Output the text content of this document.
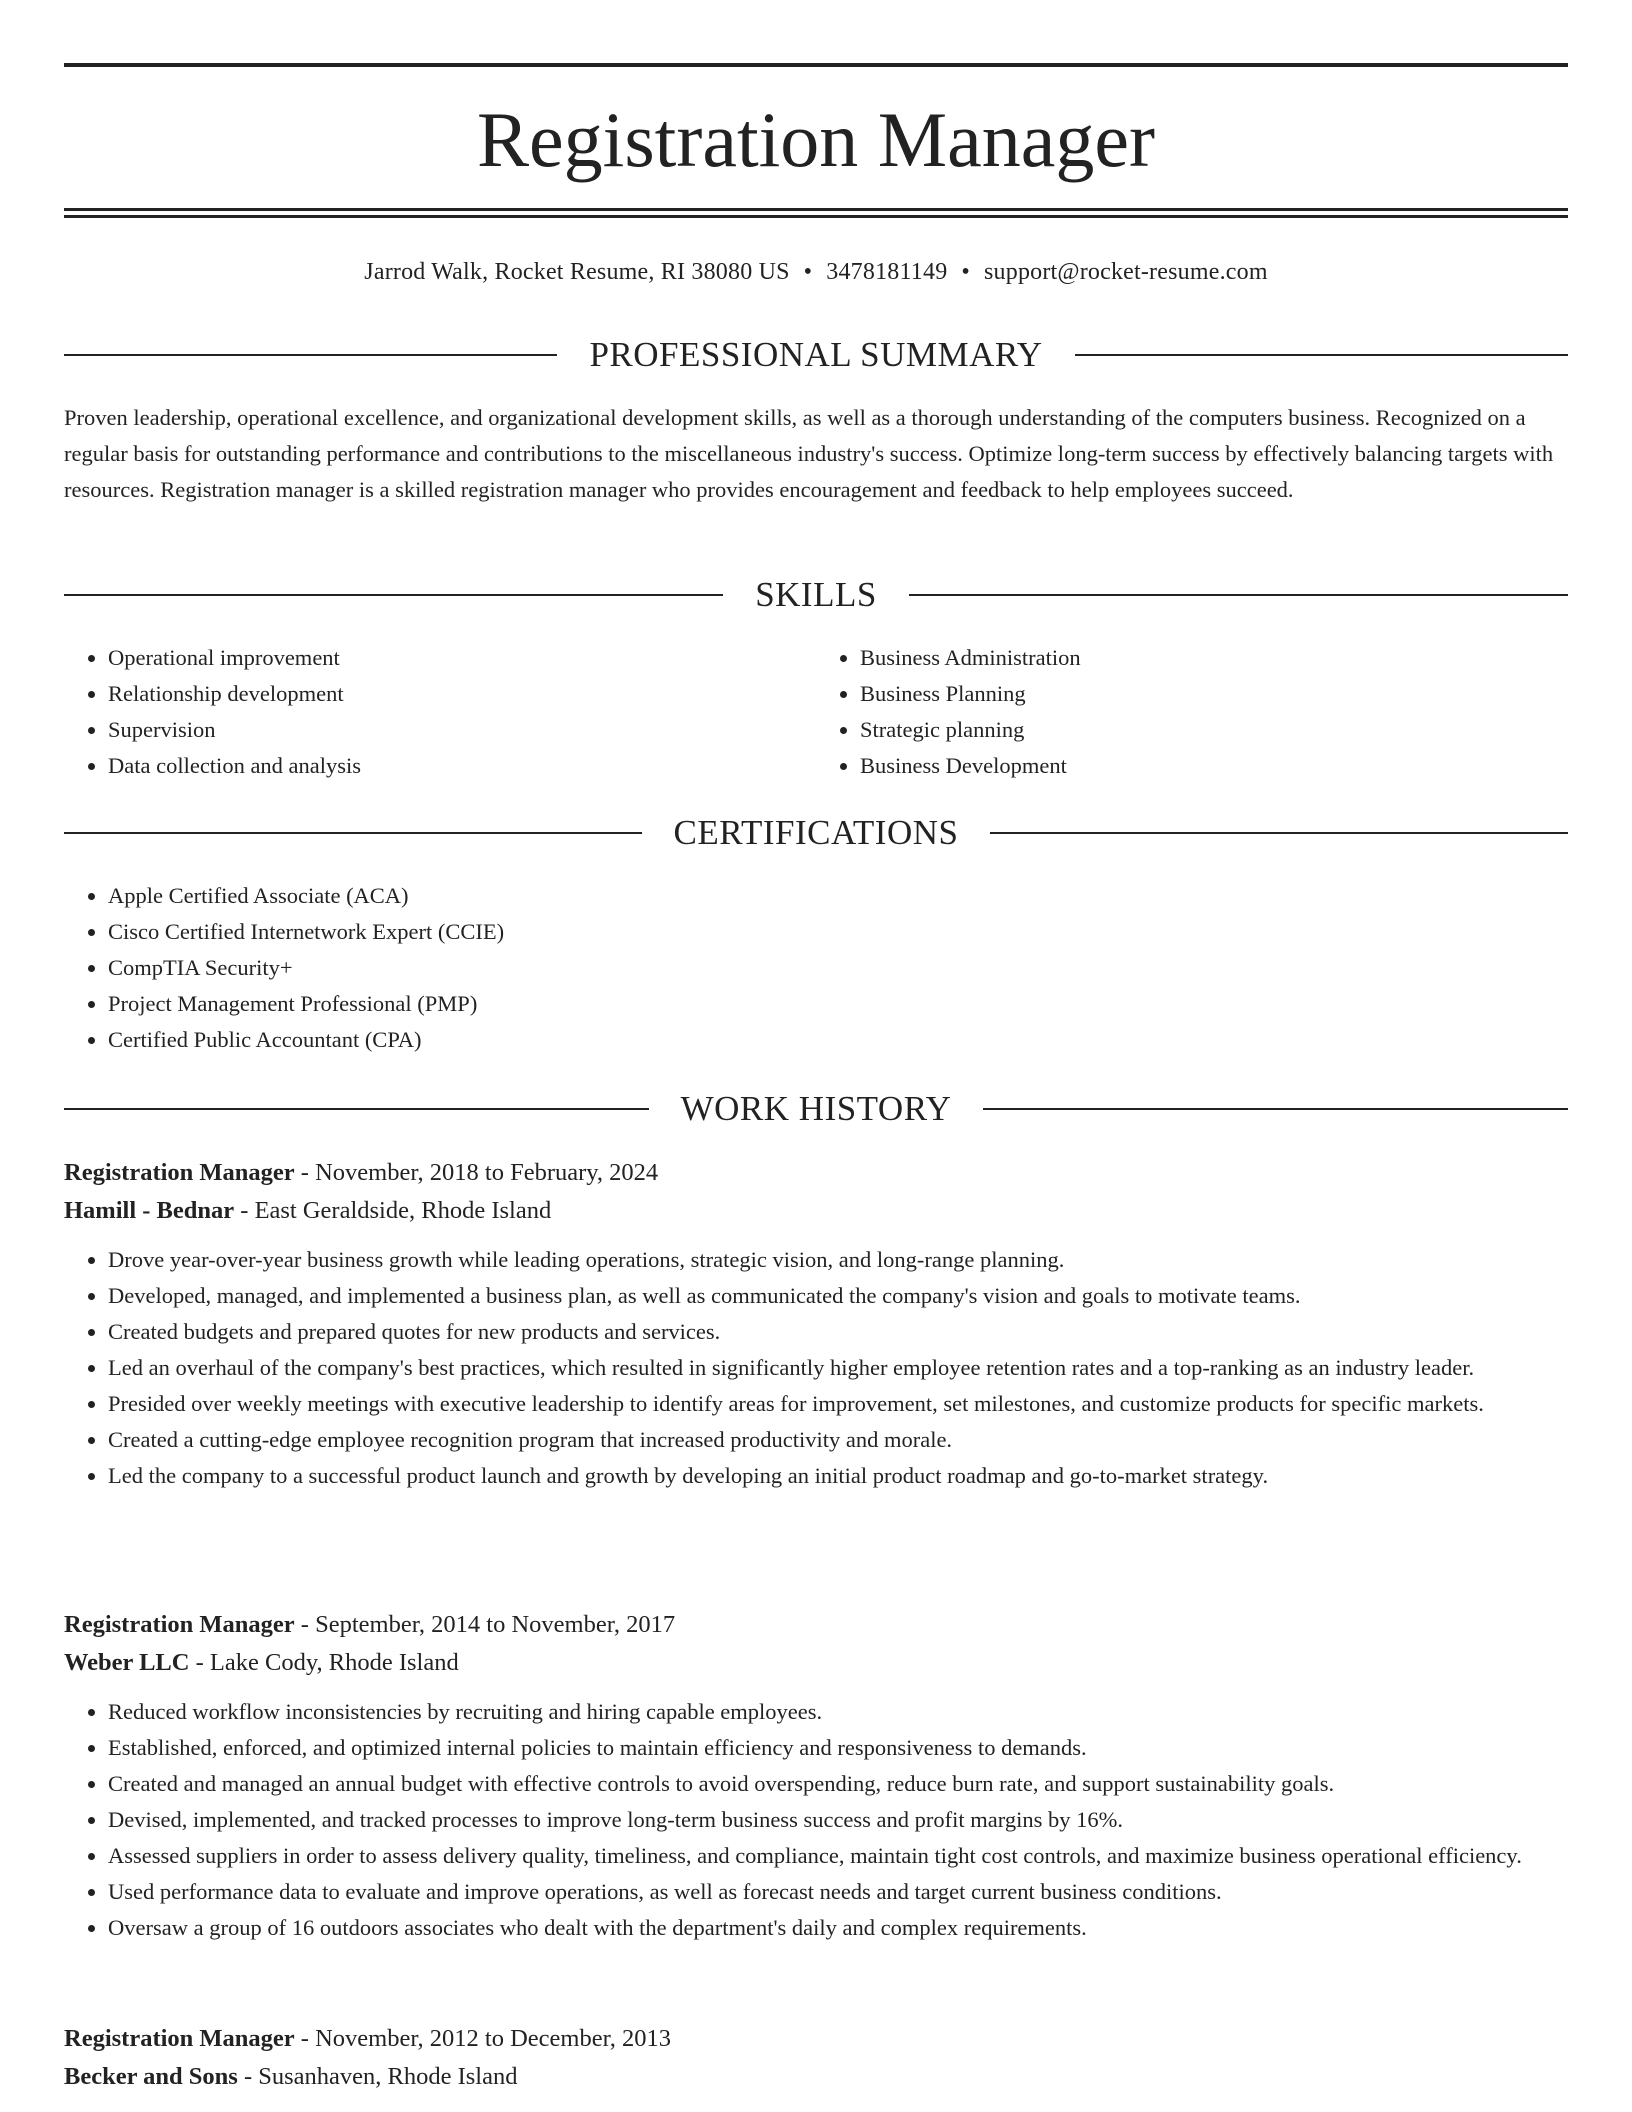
Registration Manager
Jarrod Walk, Rocket Resume, RI 38080 US • 3478181149 • support@rocket-resume.com
PROFESSIONAL SUMMARY

Proven leadership, operational excellence, and organizational development skills, as well as a thorough understanding of the computers business. Recognized on a regular basis for outstanding performance and contributions to the miscellaneous industry's success. Optimize long-term success by effectively balancing targets with resources. Registration manager is a skilled registration manager who provides encouragement and feedback to help employees succeed.

SKILLS
• Operational improvement
• Relationship development
• Supervision
• Data collection and analysis
• Business Administration
• Business Planning
• Strategic planning
• Business Development
CERTIFICATIONS
• Apple Certified Associate (ACA)
• Cisco Certified Internetwork Expert (CCIE)
• CompTIA Security+
• Project Management Professional (PMP)
• Certified Public Accountant (CPA)
WORK HISTORY
Registration Manager - November, 2018 to February, 2024
Hamill - Bednar - East Geraldside, Rhode Island
• Drove year-over-year business growth while leading operations, strategic vision, and long-range planning.
• Developed, managed, and implemented a business plan, as well as communicated the company's vision and goals to motivate teams.
• Created budgets and prepared quotes for new products and services.
• Led an overhaul of the company's best practices, which resulted in significantly higher employee retention rates and a top-ranking as an industry leader.
• Presided over weekly meetings with executive leadership to identify areas for improvement, set milestones, and customize products for specific markets.
• Created a cutting-edge employee recognition program that increased productivity and morale.
• Led the company to a successful product launch and growth by developing an initial product roadmap and go-to-market strategy.
Registration Manager - September, 2014 to November, 2017
Weber LLC - Lake Cody, Rhode Island
• Reduced workflow inconsistencies by recruiting and hiring capable employees.
• Established, enforced, and optimized internal policies to maintain efficiency and responsiveness to demands.
• Created and managed an annual budget with effective controls to avoid overspending, reduce burn rate, and support sustainability goals.
• Devised, implemented, and tracked processes to improve long-term business success and profit margins by 16%.
• Assessed suppliers in order to assess delivery quality, timeliness, and compliance, maintain tight cost controls, and maximize business operational efficiency.
• Used performance data to evaluate and improve operations, as well as forecast needs and target current business conditions.
• Oversaw a group of 16 outdoors associates who dealt with the department's daily and complex requirements.
Registration Manager - November, 2012 to December, 2013
Becker and Sons - Susanhaven, Rhode Island
